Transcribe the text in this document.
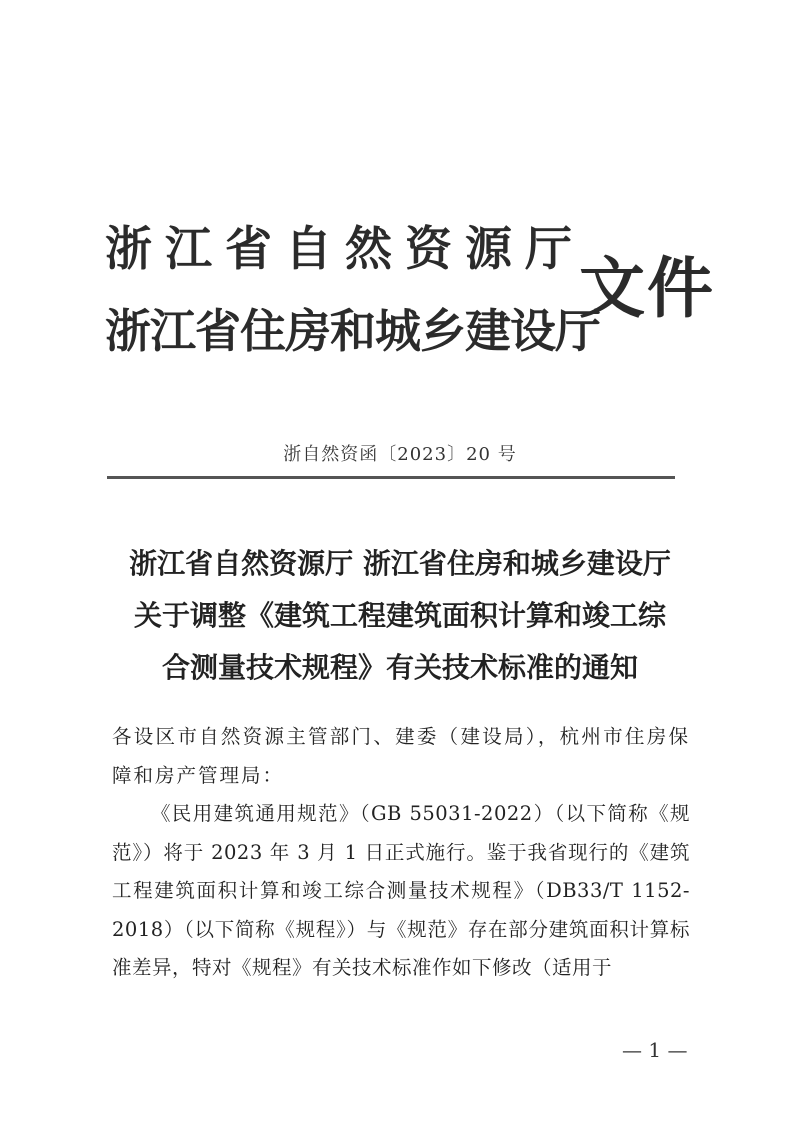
浙江省自然资源厅
浙江省住房和城乡建设厅
文件
浙自然资函〔2023〕20 号
浙江省自然资源厅 浙江省住房和城乡建设厅
关于调整《建筑工程建筑面积计算和竣工综
合测量技术规程》有关技术标准的通知

各设区市自然资源主管部门、建委（建设局），杭州市住房保障和房产管理局：

《民用建筑通用规范》（GB 55031-2022）（以下简称《规范》）将于 2023 年 3 月 1 日正式施行。鉴于我省现行的《建筑工程建筑面积计算和竣工综合测量技术规程》（DB33/T 1152-2018）（以下简称《规程》）与《规范》存在部分建筑面积计算标准差异，特对《规程》有关技术标准作如下修改（适用于

— 1 —
